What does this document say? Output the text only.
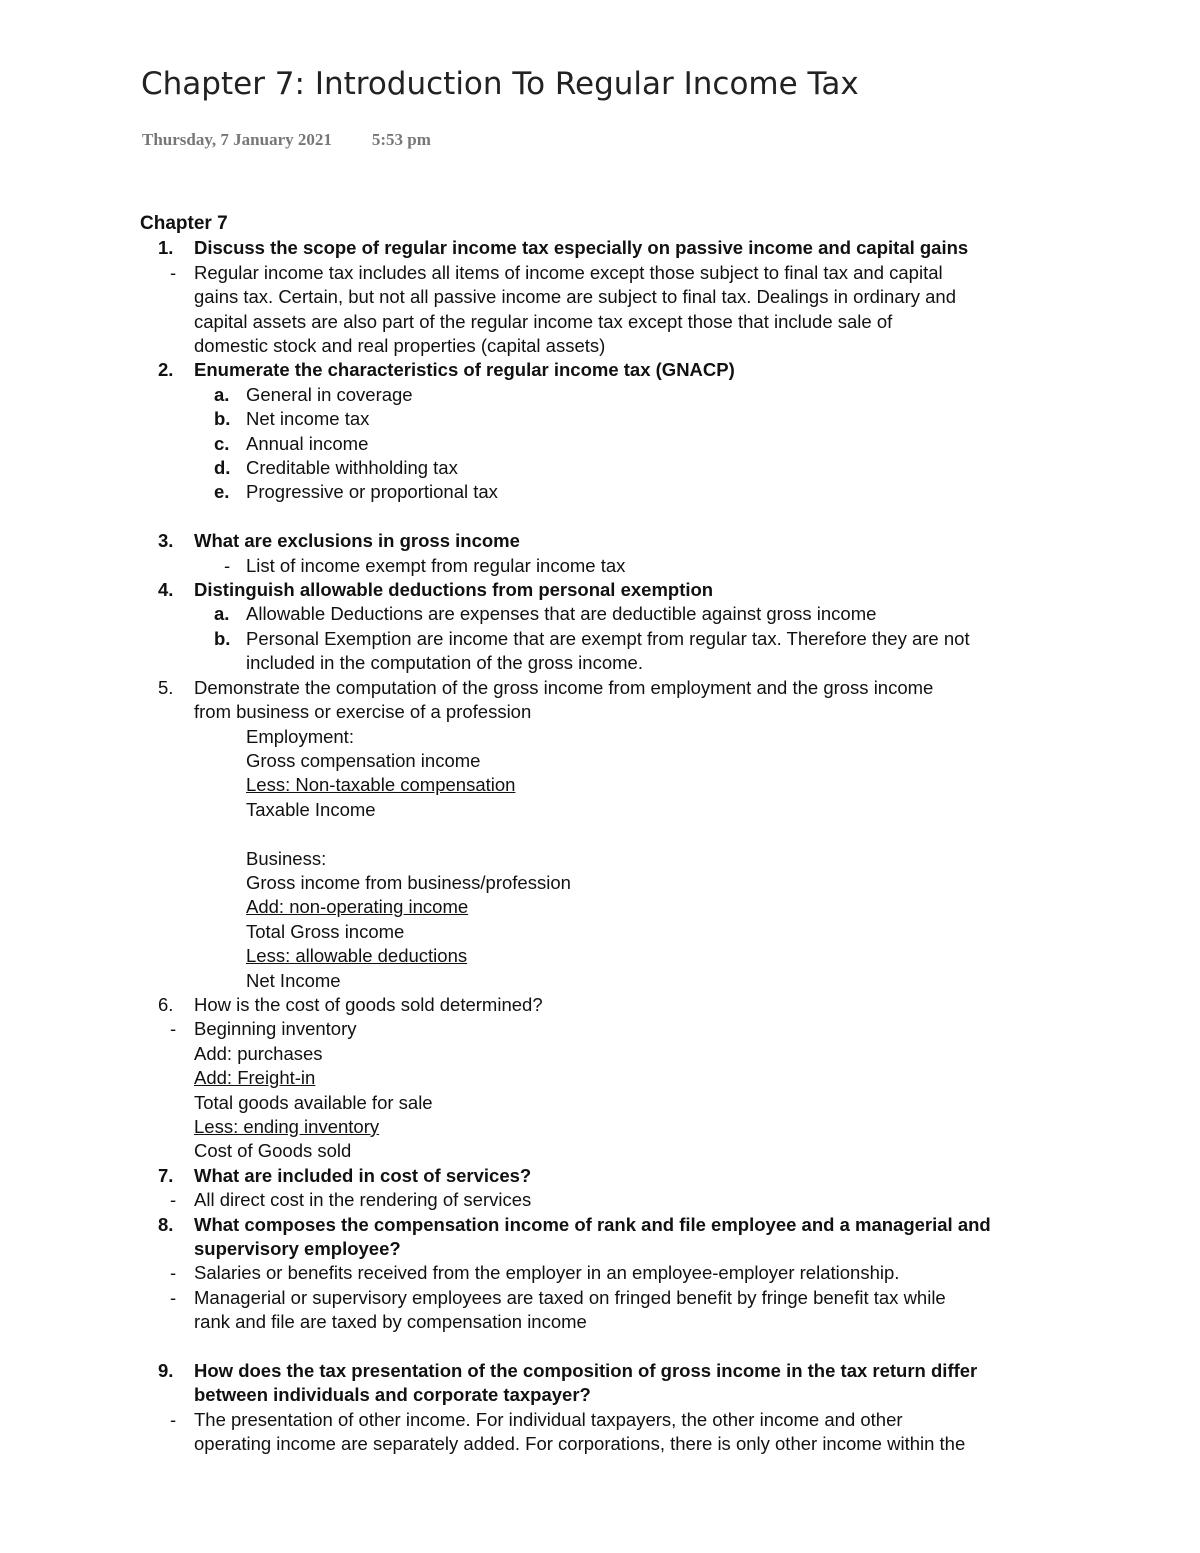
Chapter 7: Introduction To Regular Income Tax
Thursday, 7 January 2021 5:53 pm
Chapter 7
1. Discuss the scope of regular income tax especially on passive income and capital gains
- Regular income tax includes all items of income except those subject to final tax and capital
gains tax. Certain, but not all passive income are subject to final tax. Dealings in ordinary and
capital assets are also part of the regular income tax except those that include sale of
domestic stock and real properties (capital assets)
2. Enumerate the characteristics of regular income tax (GNACP)
a. General in coverage
b. Net income tax
c. Annual income
d. Creditable withholding tax
e. Progressive or proportional tax
3. What are exclusions in gross income
- List of income exempt from regular income tax
4. Distinguish allowable deductions from personal exemption
a. Allowable Deductions are expenses that are deductible against gross income
b. Personal Exemption are income that are exempt from regular tax. Therefore they are not
included in the computation of the gross income.
5. Demonstrate the computation of the gross income from employment and the gross income
from business or exercise of a profession
Employment:
Gross compensation income
Less: Non-taxable compensation
Taxable Income
Business:
Gross income from business/profession
Add: non-operating income
Total Gross income
Less: allowable deductions
Net Income
6. How is the cost of goods sold determined?
- Beginning inventory
Add: purchases
Add: Freight-in
Total goods available for sale
Less: ending inventory
Cost of Goods sold
7. What are included in cost of services?
- All direct cost in the rendering of services
8. What composes the compensation income of rank and file employee and a managerial and
supervisory employee?
- Salaries or benefits received from the employer in an employee-employer relationship.
- Managerial or supervisory employees are taxed on fringed benefit by fringe benefit tax while
rank and file are taxed by compensation income
9. How does the tax presentation of the composition of gross income in the tax return differ
between individuals and corporate taxpayer?
- The presentation of other income. For individual taxpayers, the other income and other
operating income are separately added. For corporations, there is only other income within the
